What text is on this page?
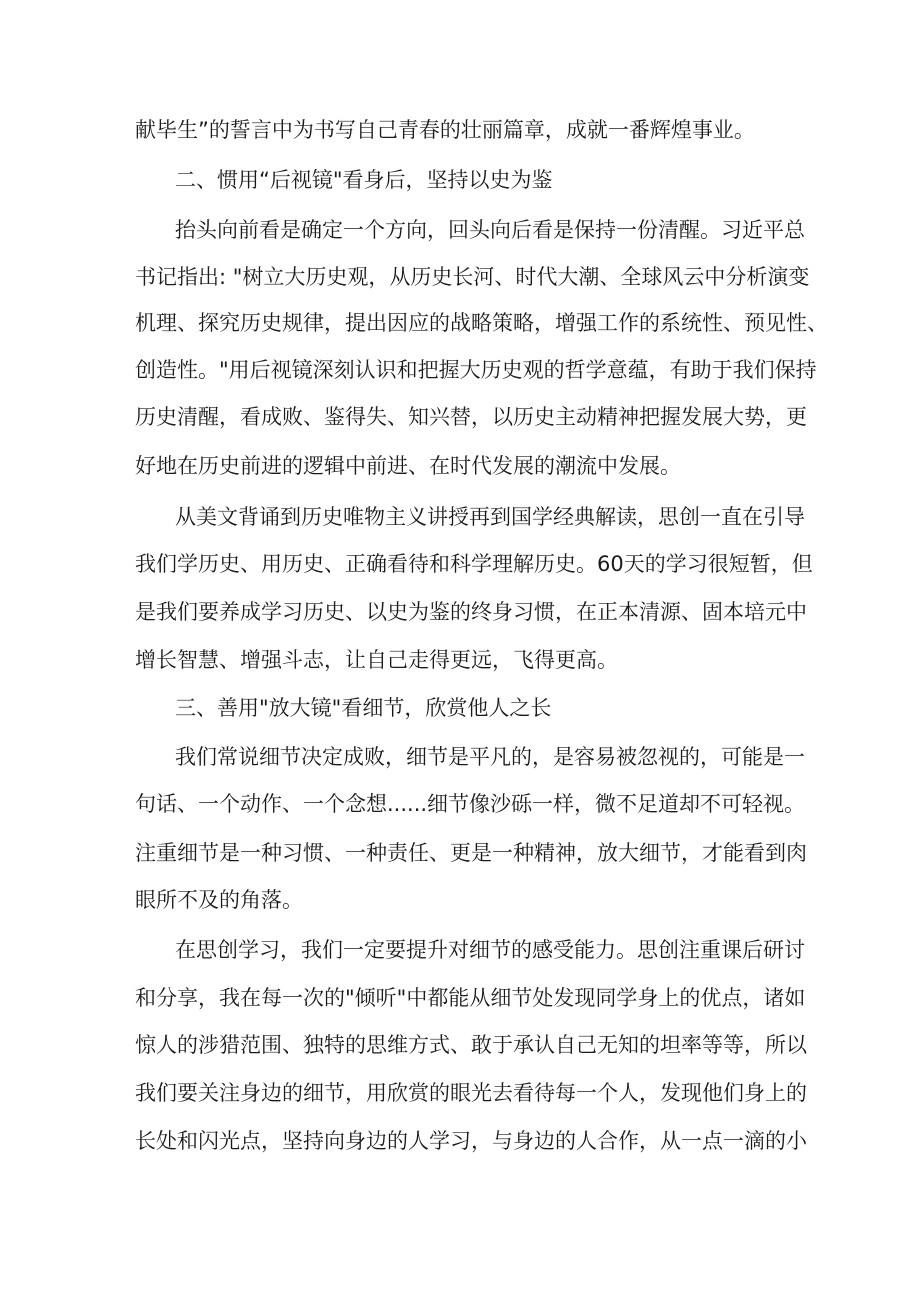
献毕生”的誓言中为书写自己青春的壮丽篇章，成就一番辉煌事业。
二、惯用“后视镜"看身后，坚持以史为鉴
抬头向前看是确定一个方向，回头向后看是保持一份清醒。习近平总
书记指出: "树立大历史观，从历史长河、时代大潮、全球风云中分析演变
机理、探究历史规律，提出因应的战略策略，增强工作的系统性、预见性、
创造性。"用后视镜深刻认识和把握大历史观的哲学意蕴，有助于我们保持
历史清醒，看成败、鉴得失、知兴替，以历史主动精神把握发展大势，更
好地在历史前进的逻辑中前进、在时代发展的潮流中发展。
从美文背诵到历史唯物主义讲授再到国学经典解读，思创一直在引导
我们学历史、用历史、正确看待和科学理解历史。60天的学习很短暂，但
是我们要养成学习历史、以史为鉴的终身习惯，在正本清源、固本培元中
增长智慧、增强斗志，让自己走得更远，飞得更高。
三、善用"放大镜"看细节，欣赏他人之长
我们常说细节决定成败，细节是平凡的，是容易被忽视的，可能是一
句话、一个动作、一个念想......细节像沙砾一样，微不足道却不可轻视。
注重细节是一种习惯、一种责任、更是一种精神，放大细节，才能看到肉
眼所不及的角落。
在思创学习，我们一定要提升对细节的感受能力。思创注重课后研讨
和分享，我在每一次的"倾听"中都能从细节处发现同学身上的优点，诸如
惊人的涉猎范围、独特的思维方式、敢于承认自己无知的坦率等等，所以
我们要关注身边的细节，用欣赏的眼光去看待每一个人，发现他们身上的
长处和闪光点，坚持向身边的人学习，与身边的人合作，从一点一滴的小
